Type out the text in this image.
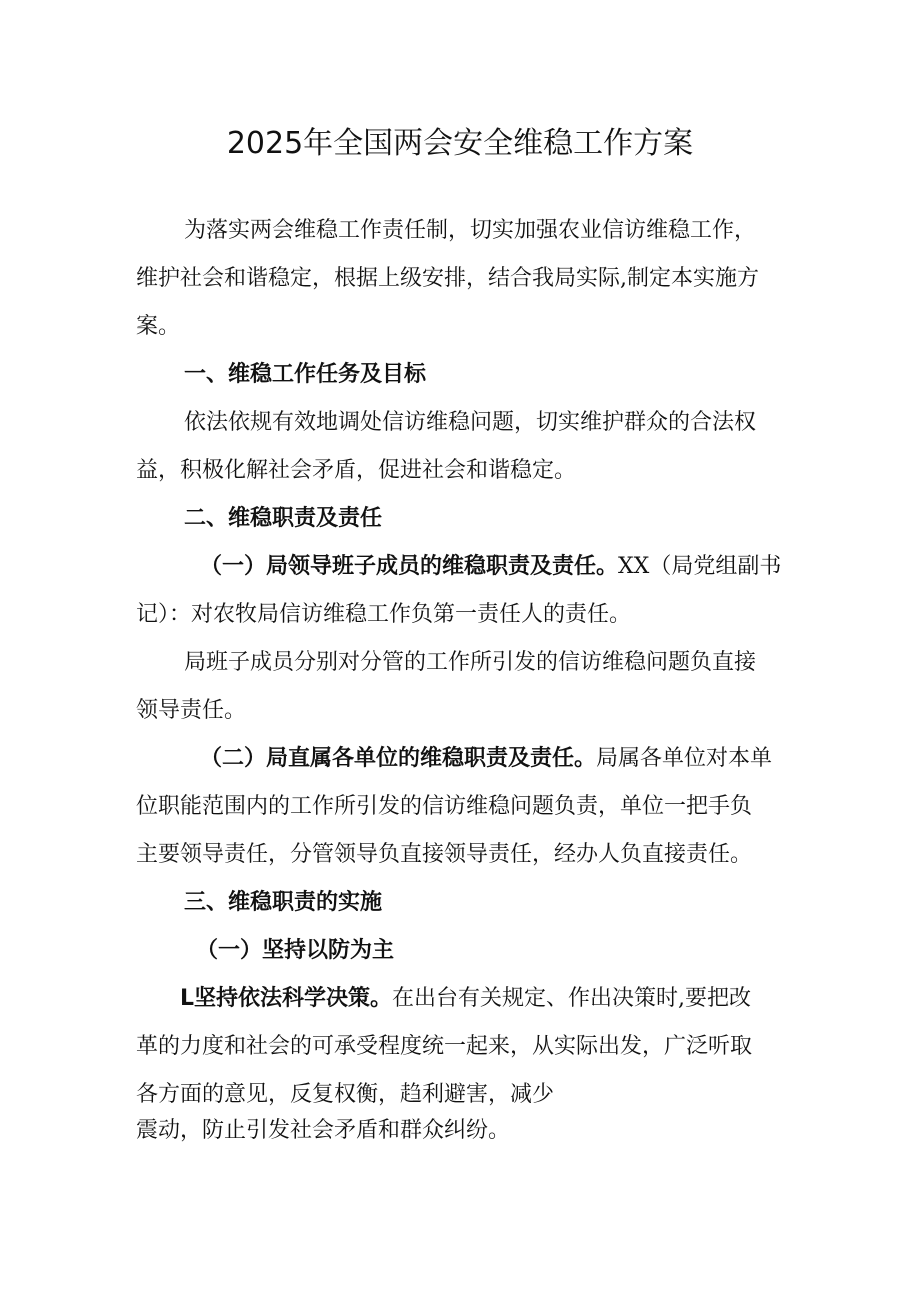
2025年全国两会安全维稳工作方案
为落实两会维稳工作责任制，切实加强农业信访维稳工作，
维护社会和谐稳定，根据上级安排，结合我局实际,制定本实施方
案。
一、维稳工作任务及目标
依法依规有效地调处信访维稳问题，切实维护群众的合法权
益，积极化解社会矛盾，促进社会和谐稳定。
二、维稳职责及责任
（一）局领导班子成员的维稳职责及责任。XX（局党组副书
记）：对农牧局信访维稳工作负第一责任人的责任。
局班子成员分别对分管的工作所引发的信访维稳问题负直接
领导责任。
（二）局直属各单位的维稳职责及责任。局属各单位对本单
位职能范围内的工作所引发的信访维稳问题负责，单位一把手负
主要领导责任，分管领导负直接领导责任，经办人负直接责任。
三、维稳职责的实施
（一）坚持以防为主
L坚持依法科学决策。在出台有关规定、作出决策时,要把改
革的力度和社会的可承受程度统一起来，从实际出发，广泛听取
各方面的意见，反复权衡，趋利避害，减少
震动，防止引发社会矛盾和群众纠纷。
